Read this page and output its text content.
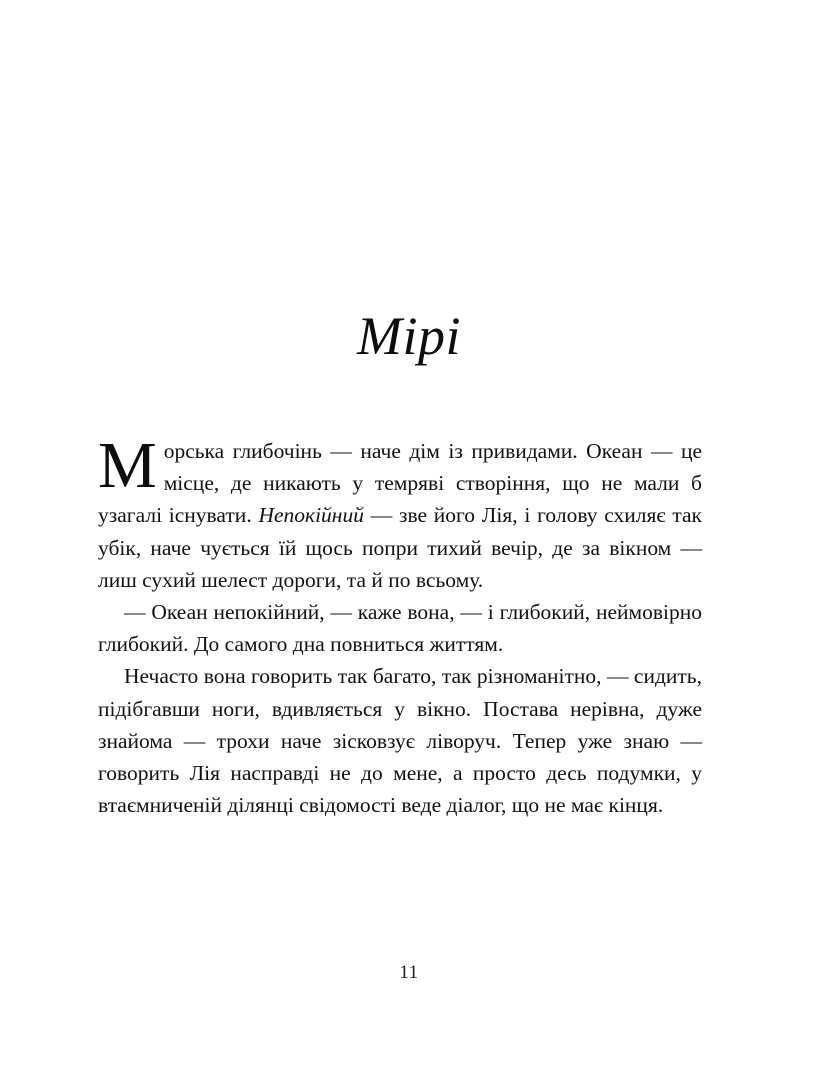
Мірі

Морська глибочінь — наче дім із привидами. Океан — це місце, де никають у темряві створіння, що не мали б узагалі існувати. Непокійний — зве його Лія, і голову схиляє так убік, наче чується їй щось попри тихий вечір, де за вікном — лиш сухий шелест дороги, та й по всьому.

— Океан непокійний, — каже вона, — і глибокий, неймовірно глибокий. До самого дна повниться життям.

Нечасто вона говорить так багато, так різноманітно, — сидить, підібгавши ноги, вдивляється у вікно. Постава нерівна, дуже знайома — трохи наче зісковзує ліворуч. Тепер уже знаю — говорить Лія насправді не до мене, а просто десь подумки, у втаємниченій ділянці свідомості веде діалог, що не має кінця.

11
